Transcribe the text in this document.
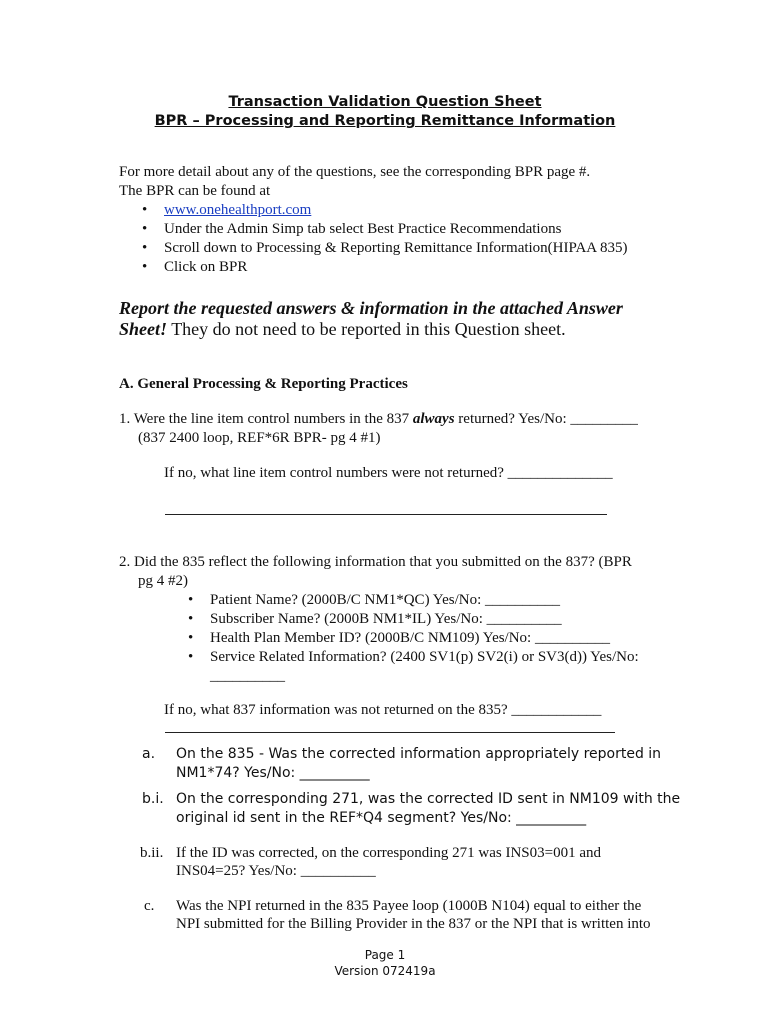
Transaction Validation Question Sheet
BPR – Processing and Reporting Remittance Information
For more detail about any of the questions, see the corresponding BPR page #.
The BPR can be found at
• www.onehealthport.com
• Under the Admin Simp tab select Best Practice Recommendations
• Scroll down to Processing & Reporting Remittance Information(HIPAA 835)
• Click on BPR
Report the requested answers & information in the attached Answer
Sheet! They do not need to be reported in this Question sheet.
A. General Processing & Reporting Practices
1. Were the line item control numbers in the 837 always returned? Yes/No: _________
(837 2400 loop, REF*6R BPR- pg 4 #1)
If no, what line item control numbers were not returned? ______________
2. Did the 835 reflect the following information that you submitted on the 837? (BPR
pg 4 #2)
• Patient Name? (2000B/C NM1*QC) Yes/No: __________
• Subscriber Name? (2000B NM1*IL) Yes/No: __________
• Health Plan Member ID? (2000B/C NM109) Yes/No: __________
• Service Related Information? (2400 SV1(p) SV2(i) or SV3(d)) Yes/No:
__________
If no, what 837 information was not returned on the 835? ____________
a. On the 835 - Was the corrected information appropriately reported in
NM1*74? Yes/No: __________
b.i. On the corresponding 271, was the corrected ID sent in NM109 with the
original id sent in the REF*Q4 segment? Yes/No: __________
b.ii. If the ID was corrected, on the corresponding 271 was INS03=001 and
INS04=25? Yes/No: __________
c. Was the NPI returned in the 835 Payee loop (1000B N104) equal to either the
NPI submitted for the Billing Provider in the 837 or the NPI that is written into
Page 1
Version 072419a
